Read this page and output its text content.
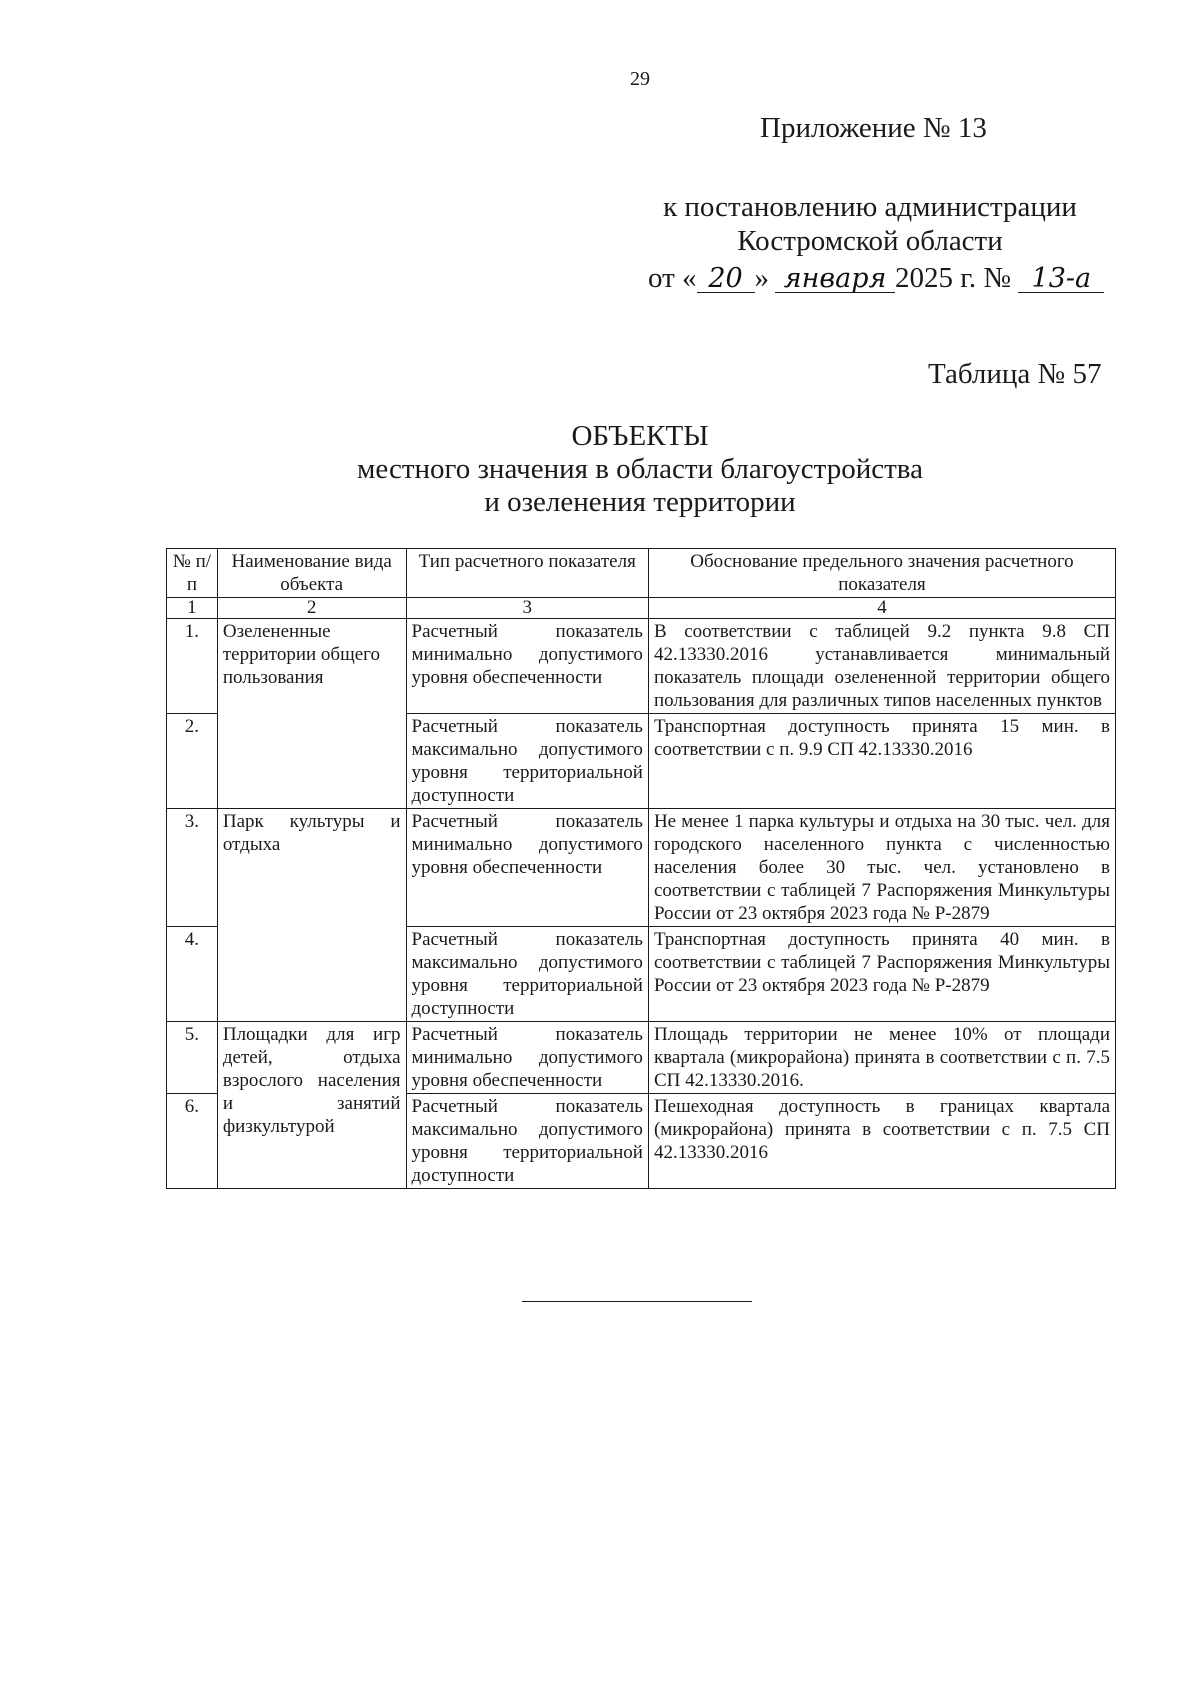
29
Приложение № 13
к постановлению администрации
Костромской области
от « 20 » января 2025 г. № 13-а
Таблица № 57
ОБЪЕКТЫ
местного значения в области благоустройства
и озеленения территории
№ п/п	Наименование вида объекта	Тип расчетного показателя	Обоснование предельного значения расчетного показателя
1	2	3	4
1.	Озелененные территории общего пользования	Расчетный показатель минимально допустимого уровня обеспеченности	В соответствии с таблицей 9.2 пункта 9.8 СП 42.13330.2016 устанавливается минимальный показатель площади озелененной территории общего пользования для различных типов населенных пунктов
2.		Расчетный показатель максимально допустимого уровня территориальной доступности	Транспортная доступность принята 15 мин. в соответствии с п. 9.9 СП 42.13330.2016
3.	Парк культуры и отдыха	Расчетный показатель минимально допустимого уровня обеспеченности	Не менее 1 парка культуры и отдыха на 30 тыс. чел. для городского населенного пункта с численностью населения более 30 тыс. чел. установлено в соответствии с таблицей 7 Распоряжения Минкультуры России от 23 октября 2023 года № Р-2879
4.		Расчетный показатель максимально допустимого уровня территориальной доступности	Транспортная доступность принята 40 мин. в соответствии с таблицей 7 Распоряжения Минкультуры России от 23 октября 2023 года № Р-2879
5.	Площадки для игр детей, отдыха взрослого населения и занятий физкультурой	Расчетный показатель минимально допустимого уровня обеспеченности	Площадь территории не менее 10% от площади квартала (микрорайона) принята в соответствии с п. 7.5 СП 42.13330.2016.
6.		Расчетный показатель максимально допустимого уровня территориальной доступности	Пешеходная доступность в границах квартала (микрорайона) принята в соответствии с п. 7.5 СП 42.13330.2016
